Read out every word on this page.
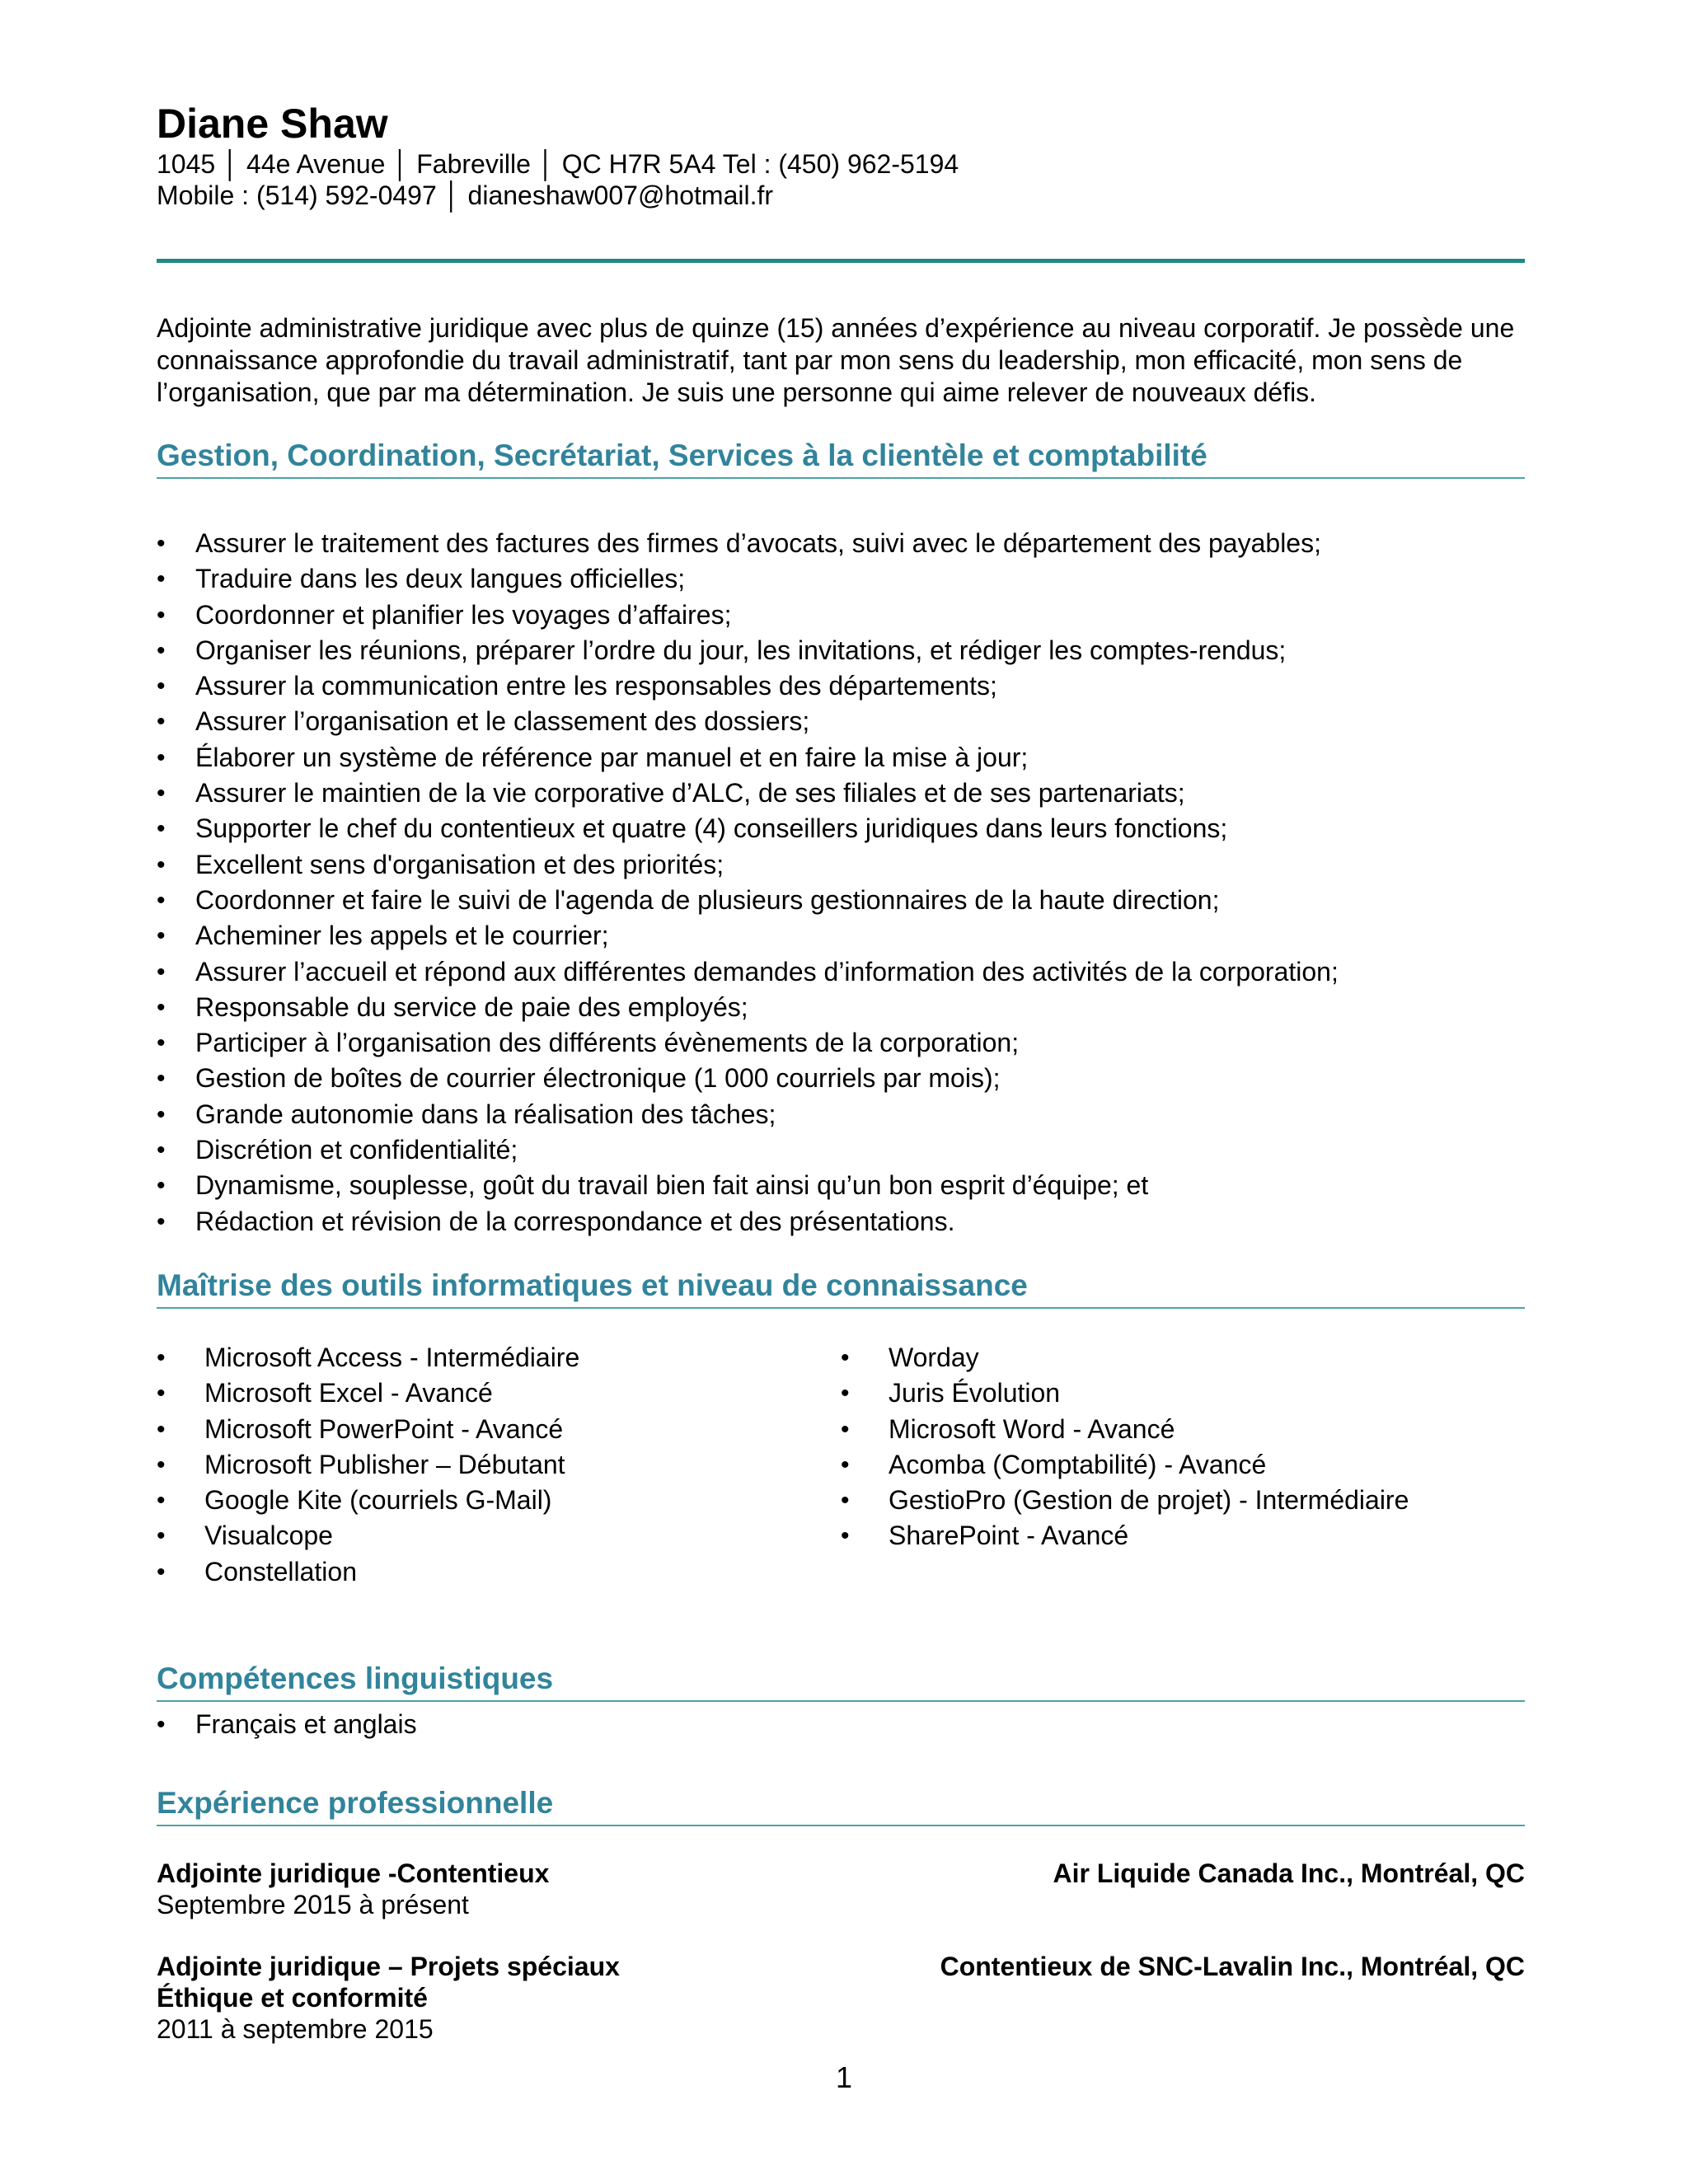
Diane Shaw
1045 │ 44e Avenue │ Fabreville │ QC H7R 5A4 Tel : (450) 962-5194
Mobile : (514) 592-0497 │ dianeshaw007@hotmail.fr

Adjointe administrative juridique avec plus de quinze (15) années d’expérience au niveau corporatif. Je possède une connaissance approfondie du travail administratif, tant par mon sens du leadership, mon efficacité, mon sens de l’organisation, que par ma détermination. Je suis une personne qui aime relever de nouveaux défis.

Gestion, Coordination, Secrétariat, Services à la clientèle et comptabilité
• Assurer le traitement des factures des firmes d’avocats, suivi avec le département des payables;
• Traduire dans les deux langues officielles;
• Coordonner et planifier les voyages d’affaires;
• Organiser les réunions, préparer l’ordre du jour, les invitations, et rédiger les comptes-rendus;
• Assurer la communication entre les responsables des départements;
• Assurer l’organisation et le classement des dossiers;
• Élaborer un système de référence par manuel et en faire la mise à jour;
• Assurer le maintien de la vie corporative d’ALC, de ses filiales et de ses partenariats;
• Supporter le chef du contentieux et quatre (4) conseillers juridiques dans leurs fonctions;
• Excellent sens d'organisation et des priorités;
• Coordonner et faire le suivi de l'agenda de plusieurs gestionnaires de la haute direction;
• Acheminer les appels et le courrier;
• Assurer l’accueil et répond aux différentes demandes d’information des activités de la corporation;
• Responsable du service de paie des employés;
• Participer à l’organisation des différents évènements de la corporation;
• Gestion de boîtes de courrier électronique (1 000 courriels par mois);
• Grande autonomie dans la réalisation des tâches;
• Discrétion et confidentialité;
• Dynamisme, souplesse, goût du travail bien fait ainsi qu’un bon esprit d’équipe; et
• Rédaction et révision de la correspondance et des présentations.
Maîtrise des outils informatiques et niveau de connaissance
• Microsoft Access - Intermédiaire
• Microsoft Excel - Avancé
• Microsoft PowerPoint - Avancé
• Microsoft Publisher – Débutant
• Google Kite (courriels G-Mail)
• Visualcope
• Constellation
• Worday
• Juris Évolution
• Microsoft Word - Avancé
• Acomba (Comptabilité) - Avancé
• GestioPro (Gestion de projet) - Intermédiaire
• SharePoint - Avancé
Compétences linguistiques
• Français et anglais
Expérience professionnelle
Adjointe juridique -Contentieux	Air Liquide Canada Inc., Montréal, QC
Septembre 2015 à présent
Adjointe juridique – Projets spéciaux	Contentieux de SNC-Lavalin Inc., Montréal, QC
Éthique et conformité
2011 à septembre 2015
1
